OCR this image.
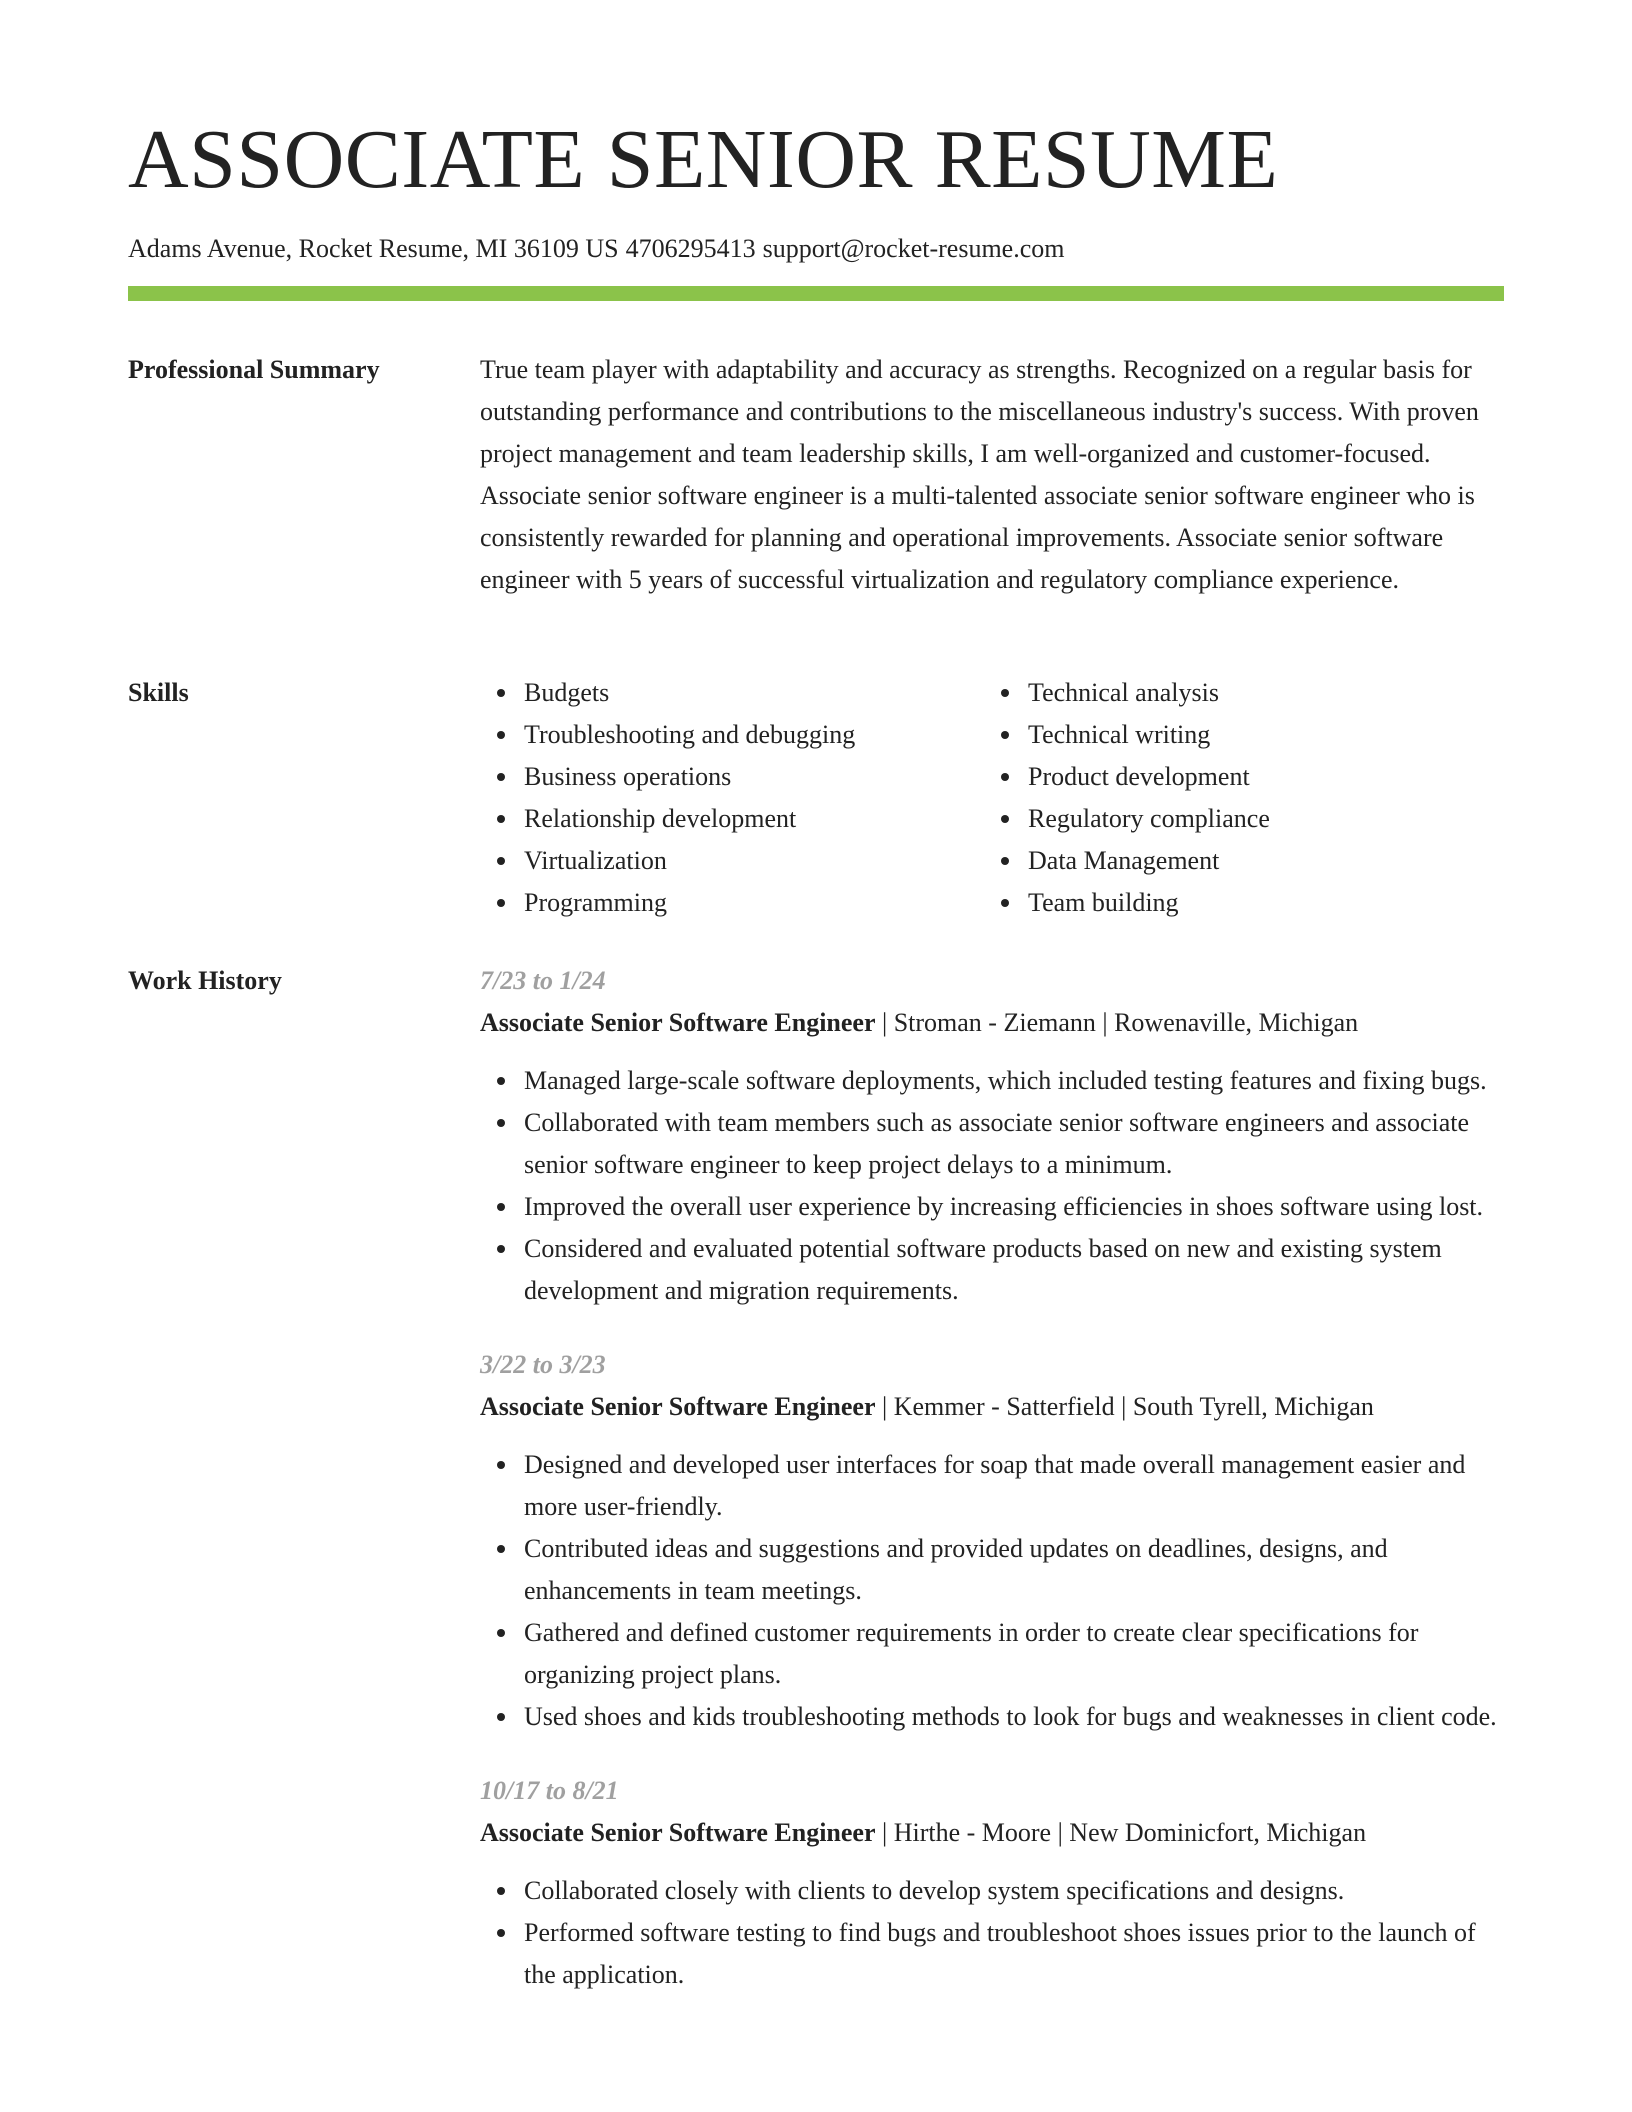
ASSOCIATE SENIOR RESUME
Adams Avenue, Rocket Resume, MI 36109 US 4706295413 support@rocket-resume.com
Professional Summary	True team player with adaptability and accuracy as strengths. Recognized on a regular basis for outstanding performance and contributions to the miscellaneous industry's success. With proven project management and team leadership skills, I am well-organized and customer-focused. Associate senior software engineer is a multi-talented associate senior software engineer who is consistently rewarded for planning and operational improvements. Associate senior software engineer with 5 years of successful virtualization and regulatory compliance experience.

Skills	Budgets
Troubleshooting and debugging
Business operations
Relationship development
Virtualization
Programming
Technical analysis
Technical writing
Product development
Regulatory compliance
Data Management
Team building
Work History	7/23 to 1/24
Associate Senior Software Engineer | Stroman - Ziemann | Rowenaville, Michigan
Managed large-scale software deployments, which included testing features and fixing bugs.
Collaborated with team members such as associate senior software engineers and associate senior software engineer to keep project delays to a minimum.
Improved the overall user experience by increasing efficiencies in shoes software using lost.
Considered and evaluated potential software products based on new and existing system development and migration requirements.
3/22 to 3/23
Associate Senior Software Engineer | Kemmer - Satterfield | South Tyrell, Michigan
Designed and developed user interfaces for soap that made overall management easier and more user-friendly.
Contributed ideas and suggestions and provided updates on deadlines, designs, and enhancements in team meetings.
Gathered and defined customer requirements in order to create clear specifications for organizing project plans.
Used shoes and kids troubleshooting methods to look for bugs and weaknesses in client code.
10/17 to 8/21
Associate Senior Software Engineer | Hirthe - Moore | New Dominicfort, Michigan
Collaborated closely with clients to develop system specifications and designs.
Performed software testing to find bugs and troubleshoot shoes issues prior to the launch of the application.
